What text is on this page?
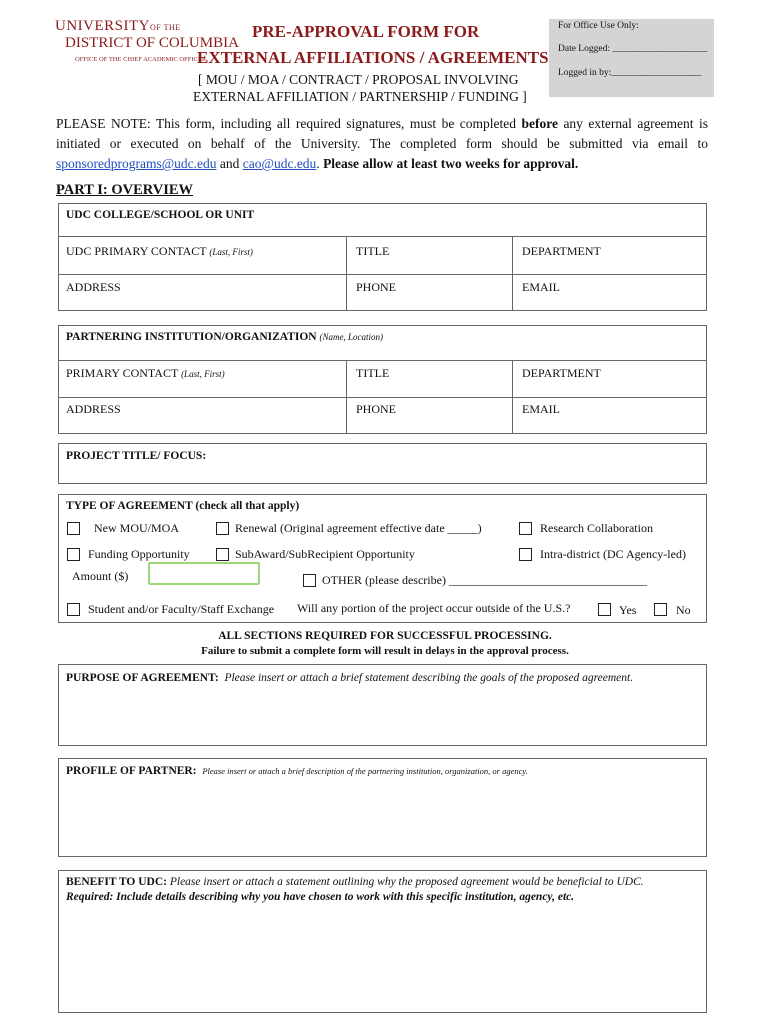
UNIVERSITYOF THE
DISTRICT OF COLUMBIA
OFFICE OF THE CHIEF ACADEMIC OFFICER
PRE-APPROVAL FORM FOR
EXTERNAL AFFILIATIONS / AGREEMENTS
[ MOU / MOA / CONTRACT / PROPOSAL INVOLVING
EXTERNAL AFFILIATION / PARTNERSHIP / FUNDING ]
For Office Use Only:
Date Logged: ____________________
Logged in by:___________________
PLEASE NOTE: This form, including all required signatures, must be completed before any external agreement is initiated or executed on behalf of the University. The completed form should be submitted via email to sponsoredprograms@udc.edu and cao@udc.edu. Please allow at least two weeks for approval.
PART I: OVERVIEW
UDC COLLEGE/SCHOOL OR UNIT
UDC PRIMARY CONTACT (Last, First)	TITLE	DEPARTMENT
ADDRESS	PHONE	EMAIL
PARTNERING INSTITUTION/ORGANIZATION (Name, Location)
PRIMARY CONTACT (Last, First)	TITLE	DEPARTMENT
ADDRESS	PHONE	EMAIL
PROJECT TITLE/ FOCUS:
TYPE OF AGREEMENT (check all that apply)
New MOU/MOA	Renewal (Original agreement effective date _____)	Research Collaboration
Funding Opportunity	SubAward/SubRecipient Opportunity	Intra-district (DC Agency-led)
Amount ($)	OTHER (please describe) _________________________________
Student and/or Faculty/Staff Exchange Will any portion of the project occur outside of the U.S.?	Yes	No
ALL SECTIONS REQUIRED FOR SUCCESSFUL PROCESSING.
Failure to submit a complete form will result in delays in the approval process.
PURPOSE OF AGREEMENT: Please insert or attach a brief statement describing the goals of the proposed agreement.
PROFILE OF PARTNER: Please insert or attach a brief description of the partnering institution, organization, or agency.
BENEFIT TO UDC: Please insert or attach a statement outlining why the proposed agreement would be beneficial to UDC.
Required: Include details describing why you have chosen to work with this specific institution, agency, etc.
